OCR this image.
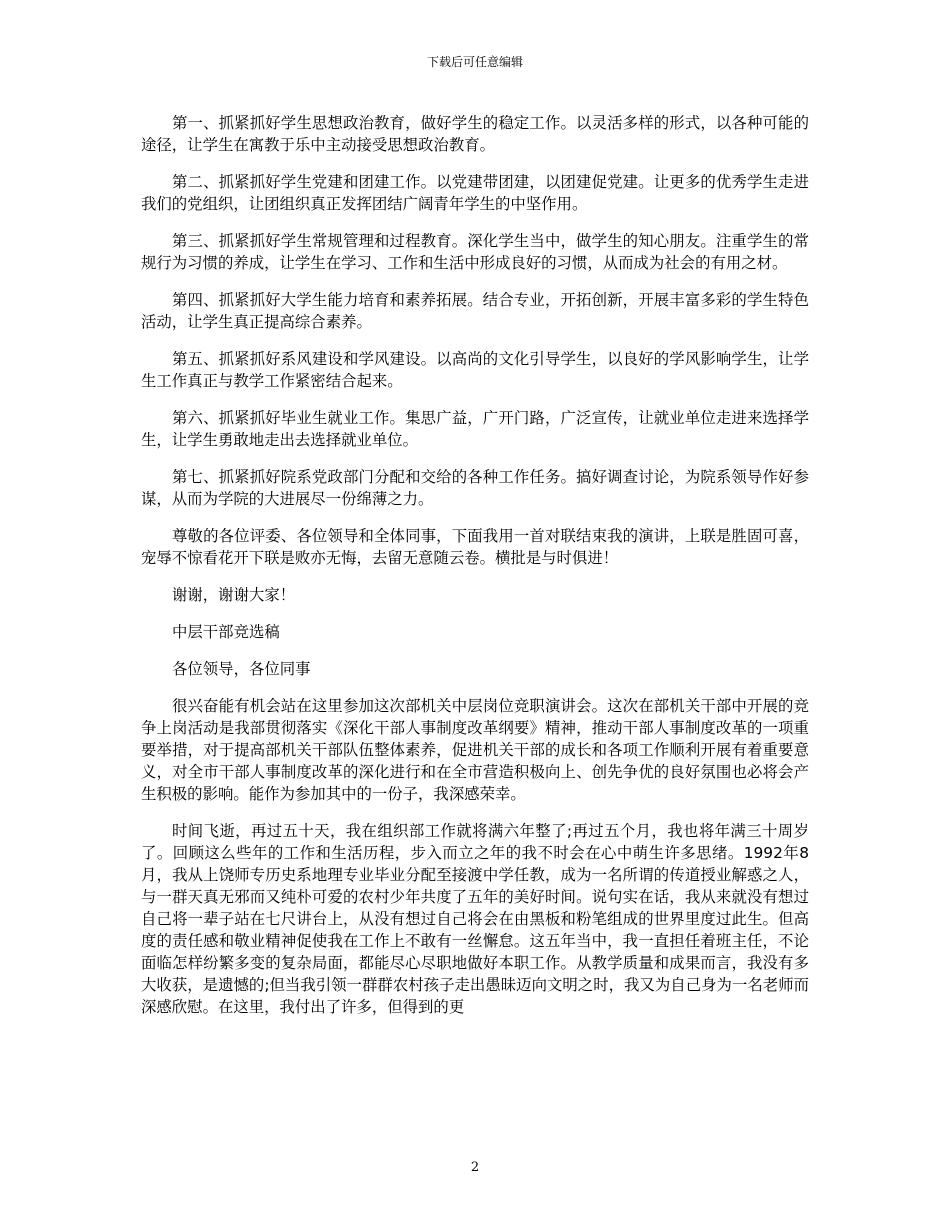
下载后可任意编辑

第一、抓紧抓好学生思想政治教育，做好学生的稳定工作。以灵活多样的形式，以各种可能的途径，让学生在寓教于乐中主动接受思想政治教育。

第二、抓紧抓好学生党建和团建工作。以党建带团建，以团建促党建。让更多的优秀学生走进我们的党组织，让团组织真正发挥团结广阔青年学生的中坚作用。

第三、抓紧抓好学生常规管理和过程教育。深化学生当中，做学生的知心朋友。注重学生的常规行为习惯的养成，让学生在学习、工作和生活中形成良好的习惯，从而成为社会的有用之材。

第四、抓紧抓好大学生能力培育和素养拓展。结合专业，开拓创新，开展丰富多彩的学生特色活动，让学生真正提高综合素养。

第五、抓紧抓好系风建设和学风建设。以高尚的文化引导学生，以良好的学风影响学生，让学生工作真正与教学工作紧密结合起来。

第六、抓紧抓好毕业生就业工作。集思广益，广开门路，广泛宣传，让就业单位走进来选择学生，让学生勇敢地走出去选择就业单位。

第七、抓紧抓好院系党政部门分配和交给的各种工作任务。搞好调查讨论，为院系领导作好参谋，从而为学院的大进展尽一份绵薄之力。

尊敬的各位评委、各位领导和全体同事，下面我用一首对联结束我的演讲，上联是胜固可喜，宠辱不惊看花开下联是败亦无悔，去留无意随云卷。横批是与时俱进！

谢谢，谢谢大家！

中层干部竞选稿

各位领导，各位同事

很兴奋能有机会站在这里参加这次部机关中层岗位竞职演讲会。这次在部机关干部中开展的竞争上岗活动是我部贯彻落实《深化干部人事制度改革纲要》精神，推动干部人事制度改革的一项重要举措，对于提高部机关干部队伍整体素养，促进机关干部的成长和各项工作顺利开展有着重要意义，对全市干部人事制度改革的深化进行和在全市营造积极向上、创先争优的良好氛围也必将会产生积极的影响。能作为参加其中的一份子，我深感荣幸。

时间飞逝，再过五十天，我在组织部工作就将满六年整了;再过五个月，我也将年满三十周岁了。回顾这么些年的工作和生活历程，步入而立之年的我不时会在心中萌生许多思绪。1992年8月，我从上饶师专历史系地理专业毕业分配至接渡中学任教，成为一名所谓的传道授业解惑之人，与一群天真无邪而又纯朴可爱的农村少年共度了五年的美好时间。说句实在话，我从来就没有想过自己将一辈子站在七尺讲台上，从没有想过自己将会在由黑板和粉笔组成的世界里度过此生。但高度的责任感和敬业精神促使我在工作上不敢有一丝懈怠。这五年当中，我一直担任着班主任，不论面临怎样纷繁多变的复杂局面，都能尽心尽职地做好本职工作。从教学质量和成果而言，我没有多大收获，是遗憾的;但当我引领一群群农村孩子走出愚昧迈向文明之时，我又为自己身为一名老师而深感欣慰。在这里，我付出了许多，但得到的更

2
